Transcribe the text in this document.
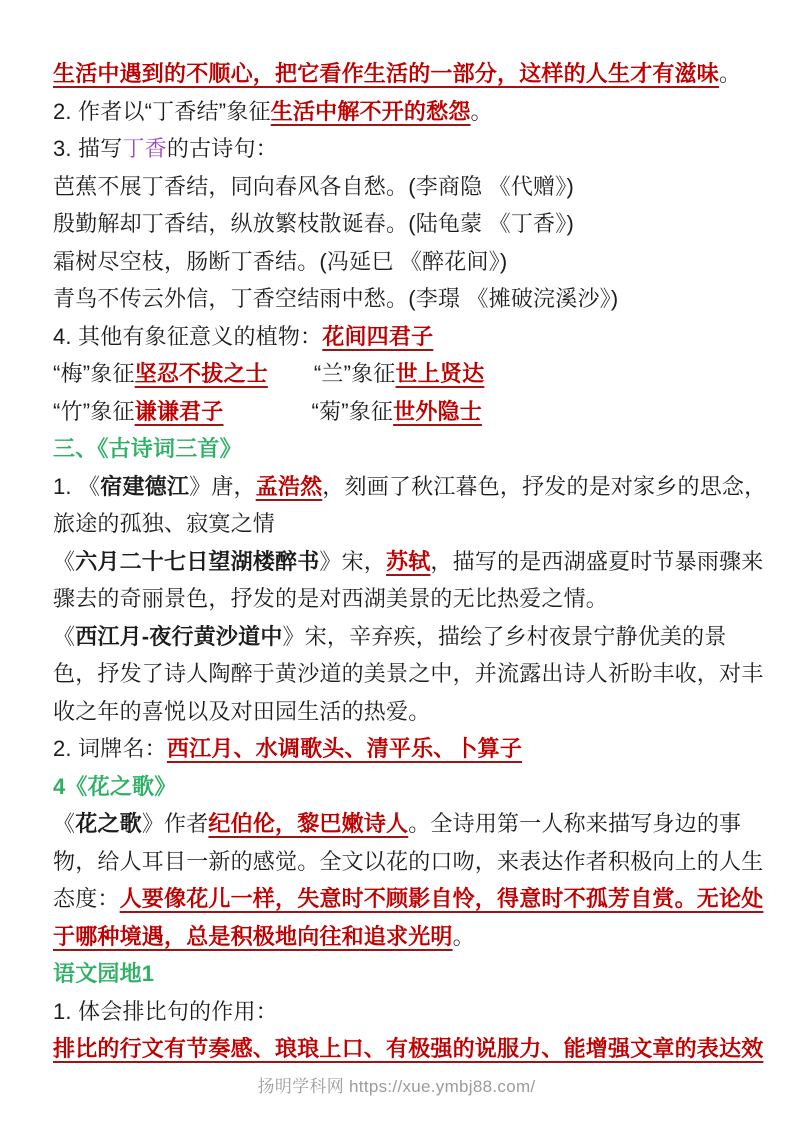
生活中遇到的不顺心，把它看作生活的一部分，这样的人生才有滋味。
2. 作者以“丁香结”象征生活中解不开的愁怨。
3. 描写丁香的古诗句：
芭蕉不展丁香结，同向春风各自愁。(李商隐 《代赠》)
殷勤解却丁香结，纵放繁枝散诞春。(陆龟蒙 《丁香》)
霜树尽空枝，肠断丁香结。(冯延巳 《醉花间》)
青鸟不传云外信，丁香空结雨中愁。(李璟 《摊破浣溪沙》)
4. 其他有象征意义的植物：花间四君子
“梅”象征坚忍不拔之士 “兰”象征世上贤达
“竹”象征谦谦君子	“菊”象征世外隐士
三、《古诗词三首》
1. 《宿建德江》唐，孟浩然，刻画了秋江暮色，抒发的是对家乡的思念，
旅途的孤独、寂寞之情
《六月二十七日望湖楼醉书》宋，苏轼，描写的是西湖盛夏时节暴雨骤来
骤去的奇丽景色，抒发的是对西湖美景的无比热爱之情。
《西江月-夜行黄沙道中》宋，辛弃疾，描绘了乡村夜景宁静优美的景
色，抒发了诗人陶醉于黄沙道的美景之中，并流露出诗人祈盼丰收，对丰
收之年的喜悦以及对田园生活的热爱。
2. 词牌名：西江月、水调歌头、清平乐、卜算子
4《花之歌》
《花之歌》作者纪伯伦，黎巴嫩诗人。全诗用第一人称来描写身边的事
物，给人耳目一新的感觉。全文以花的口吻，来表达作者积极向上的人生
态度：人要像花儿一样，失意时不顾影自怜，得意时不孤芳自赏。无论处
于哪种境遇，总是积极地向往和追求光明。
语文园地1
1. 体会排比句的作用：
排比的行文有节奏感、琅琅上口、有极强的说服力、能增强文章的表达效
扬明学科网 https://xue.ymbj88.com/
